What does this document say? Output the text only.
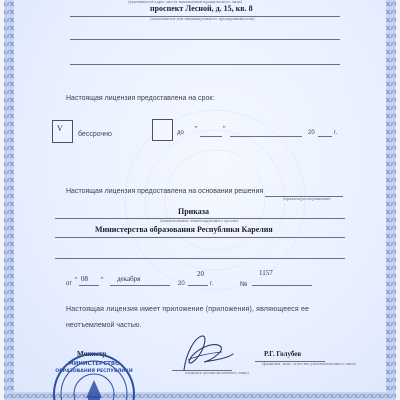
(указывается адрес места нахождения юридического лица)
проспект Лесной, д. 15, кв. 8
(заполняется для индивидуального предпринимателя)
Настоящая лицензия предоставлена на срок:
V
бессрочно	до "	"	20	г.
Настоящая лицензия предоставлена на основании решения
(приказа/распоряжения)
Приказа
(наименование лицензирующего органа)
Министерства образования Республики Карелия
от " 08 " декабря
20
20
г.	№
1157
Настоящая лицензия имеет приложение (приложения), являющееся ее
неотъемлемой частью.
Министр
(подпись уполномоченного лица)
Р.Г. Голубев
(фамилия, имя, отчество уполномоченного лица)
МИНИСТЕРСТВО
ОБРАЗОВАНИЯ РЕСПУБЛИКИ
